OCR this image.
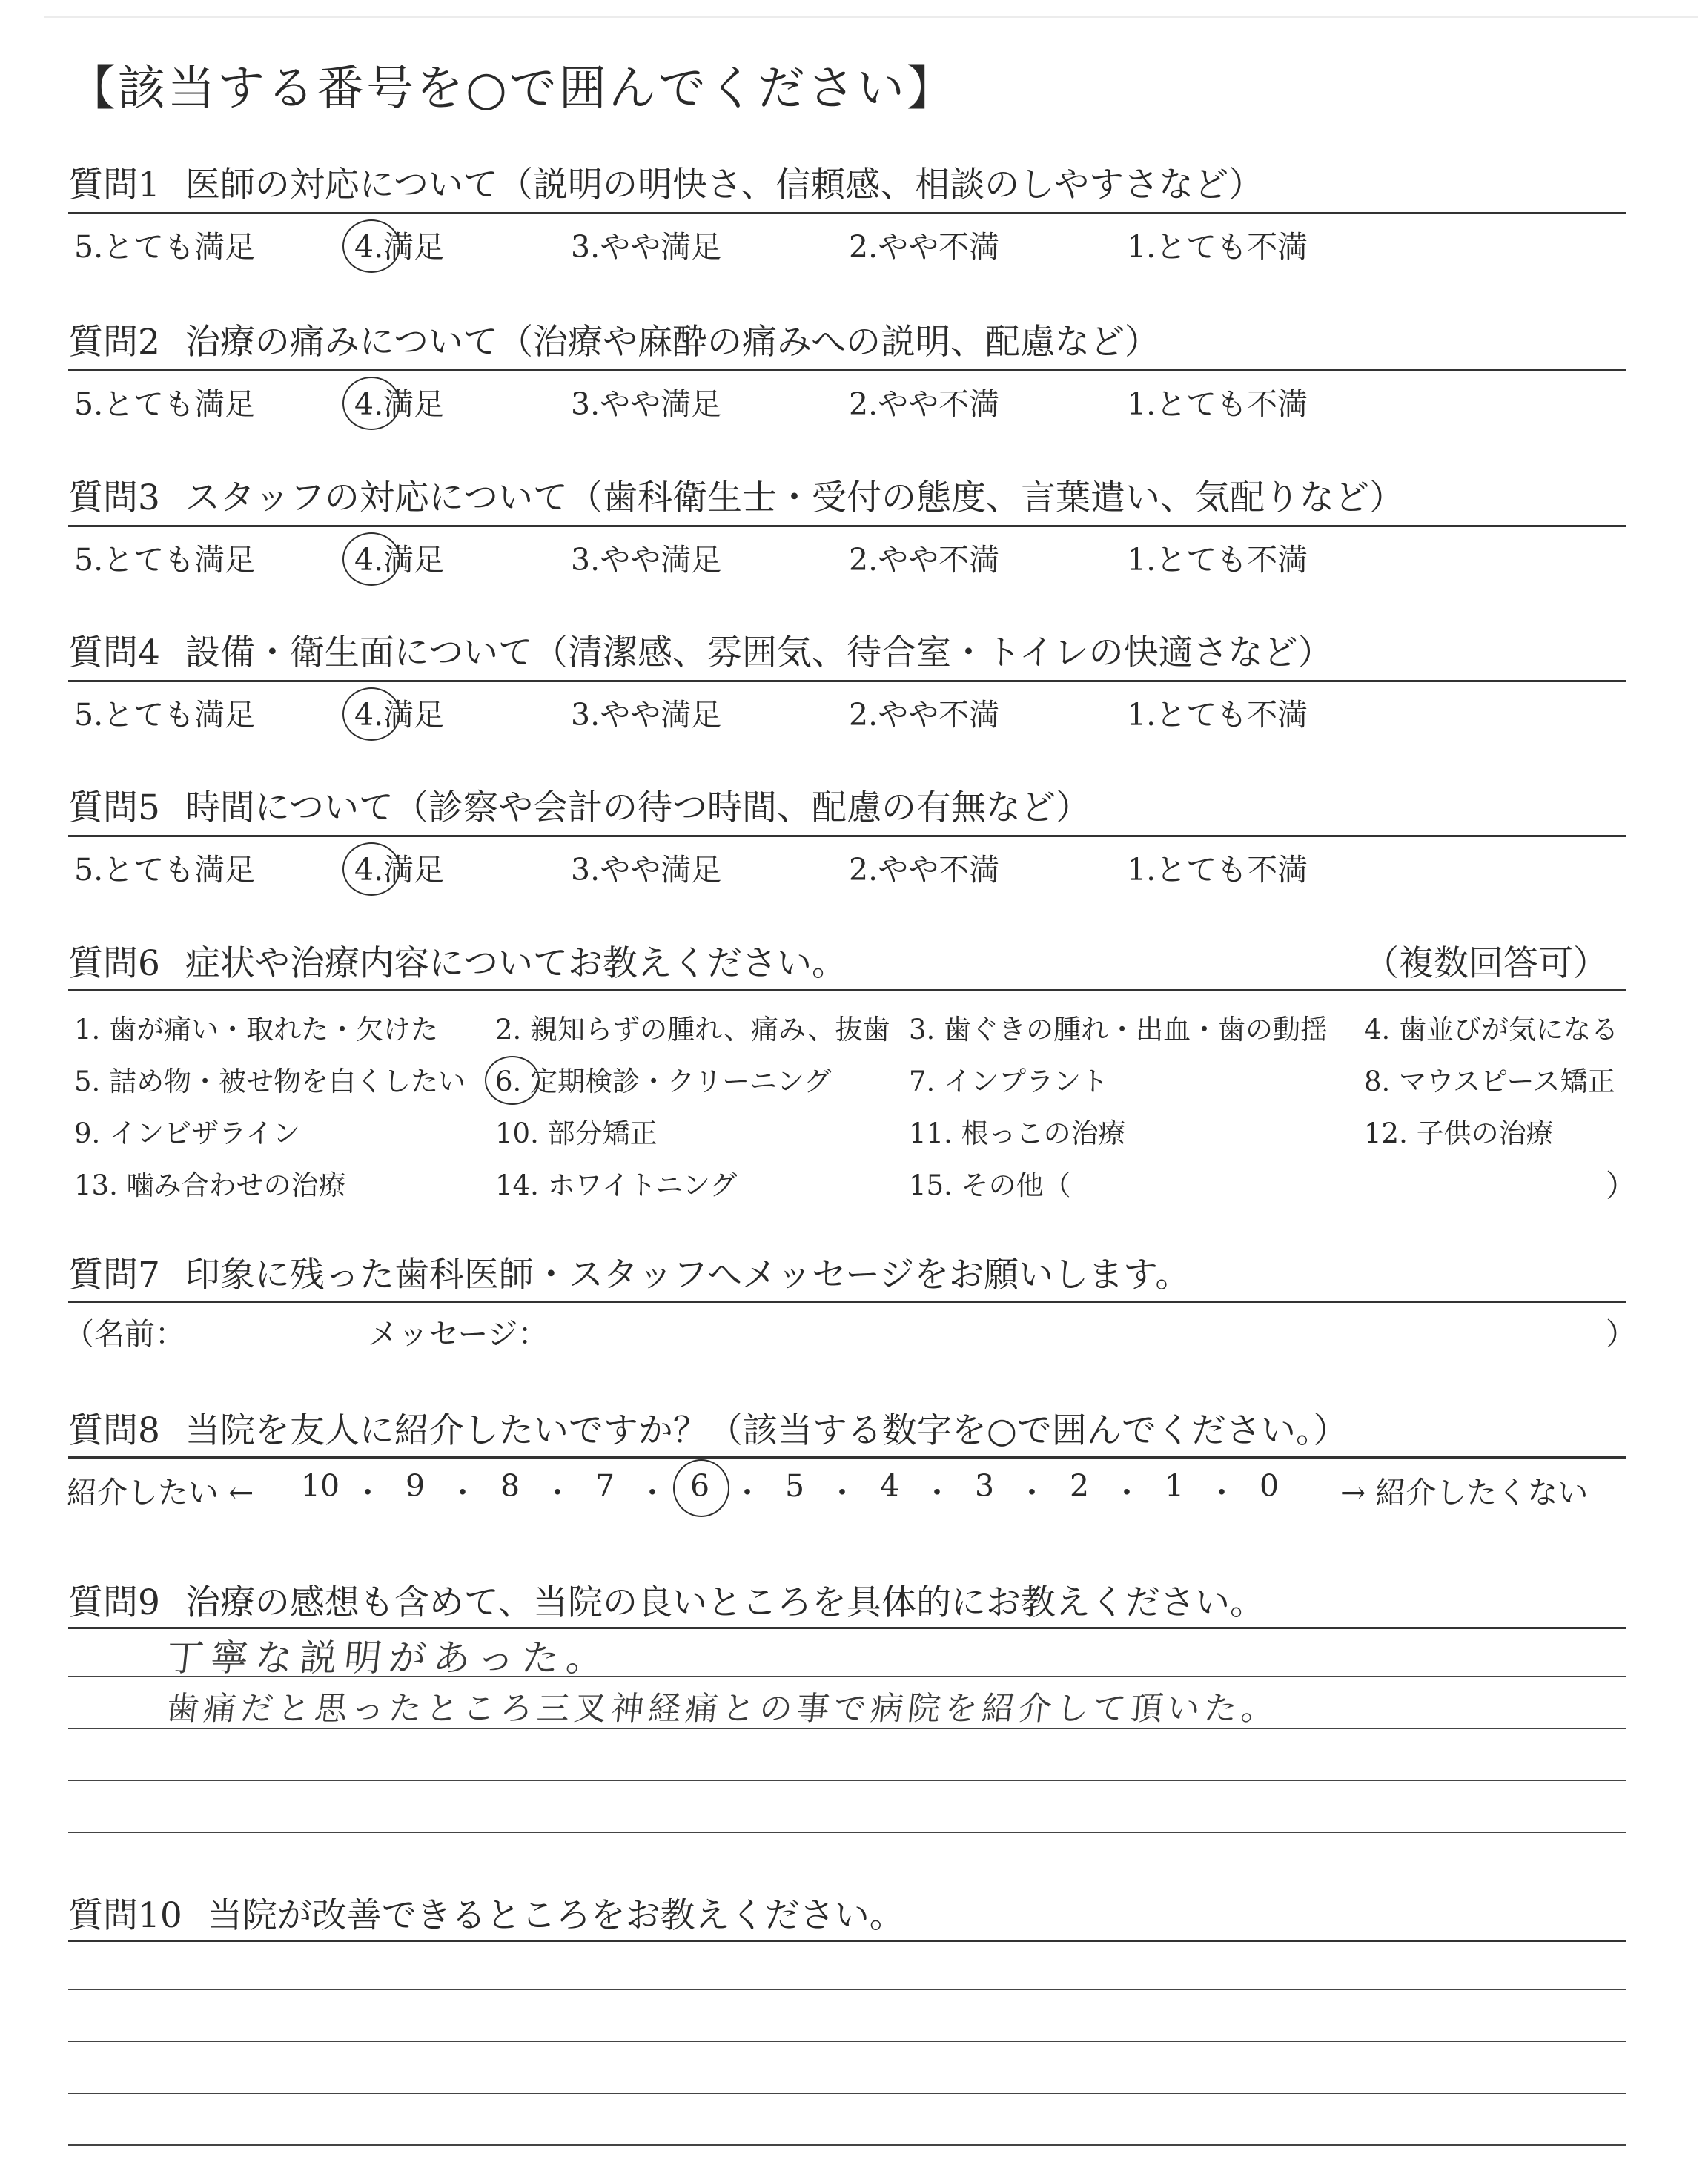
【該当する番号を○で囲んでください】
質問1 医師の対応について（説明の明快さ、信頼感、相談のしやすさなど）
5.とても満足	4.満足	3.やや満足	2.やや不満	1.とても不満
質問2 治療の痛みについて（治療や麻酔の痛みへの説明、配慮など）
5.とても満足	4.満足	3.やや満足	2.やや不満	1.とても不満
質問3 スタッフの対応について（歯科衛生士・受付の態度、言葉遣い、気配りなど）
5.とても満足	4.満足	3.やや満足	2.やや不満	1.とても不満
質問4 設備・衛生面について（清潔感、雰囲気、待合室・トイレの快適さなど）
5.とても満足	4.満足	3.やや満足	2.やや不満	1.とても不満
質問5 時間について（診察や会計の待つ時間、配慮の有無など）
5.とても満足	4.満足	3.やや満足	2.やや不満	1.とても不満
質問6 症状や治療内容についてお教えください。	（複数回答可）
1. 歯が痛い・取れた・欠けた 2. 親知らずの腫れ、痛み、抜歯 3. 歯ぐきの腫れ・出血・歯の動揺 4. 歯並びが気になる
5. 詰め物・被せ物を白くしたい 6. 定期検診・クリーニング	7. インプラント	8. マウスピース矯正
9. インビザライン	10. 部分矯正	11. 根っこの治療	12. 子供の治療
13. 噛み合わせの治療	14. ホワイトニング	15. その他（	）
質問7 印象に残った歯科医師・スタッフへメッセージをお願いします。
（名前：	メッセージ：	）
質問8 当院を友人に紹介したいですか？（該当する数字を○で囲んでください。）
紹介したい ←	→ 紹介したくない
10 ・ 9 ・ 8 ・ 7 ・ 6 ・ 5 ・ 4 ・ 3 ・ 2 ・ 1 ・ 0
質問9 治療の感想も含めて、当院の良いところを具体的にお教えください。
丁寧な説明があった。
歯痛だと思ったところ三叉神経痛との事で病院を紹介して頂いた。
質問10 当院が改善できるところをお教えください。
